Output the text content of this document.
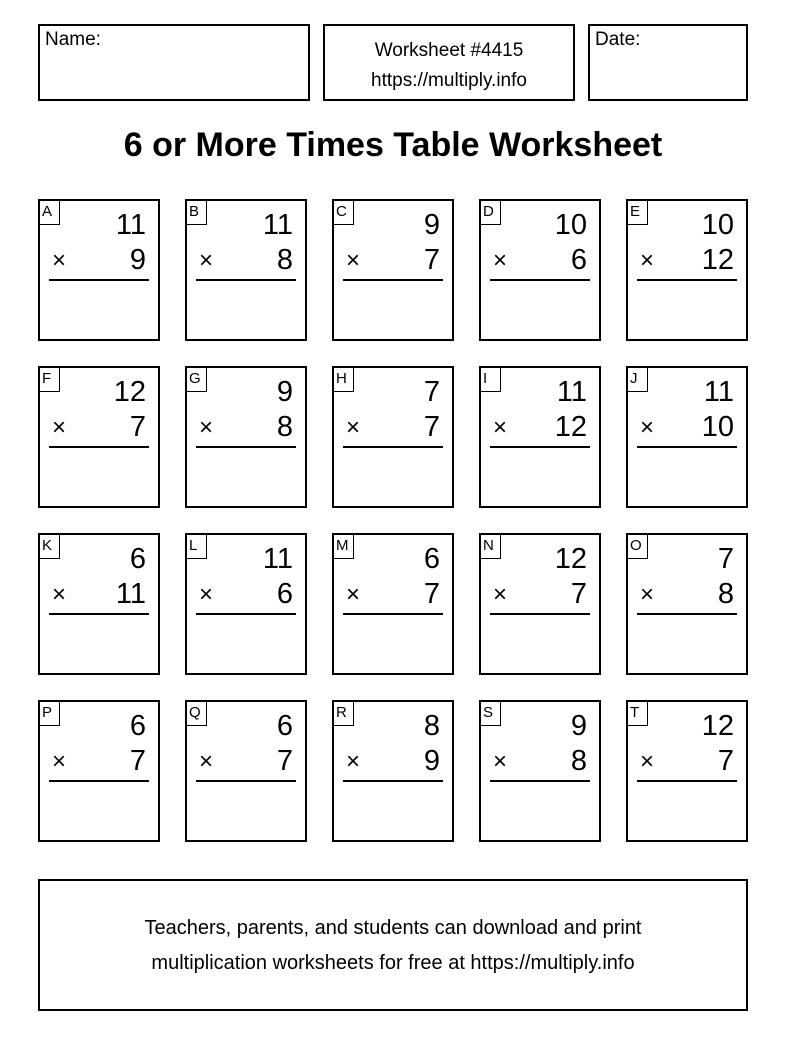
Name:
Worksheet #4415
https://multiply.info
Date:
6 or More Times Table Worksheet
A 11
× 9
B 11
× 8
C	9
× 7
D 10
× 6
E 10
× 12
F	12
× 7
G	9
× 8
H	7
× 7
I	11
× 12
J	11
× 10
K	6
× 11
L	11
× 6
M	6
× 7
N 12
× 7
O	7
× 8
P	6
× 7
Q	6
× 7
R	8
× 9
S	9
× 8
T	12
× 7
Teachers, parents, and students can download and print
multiplication worksheets for free at https://multiply.info
